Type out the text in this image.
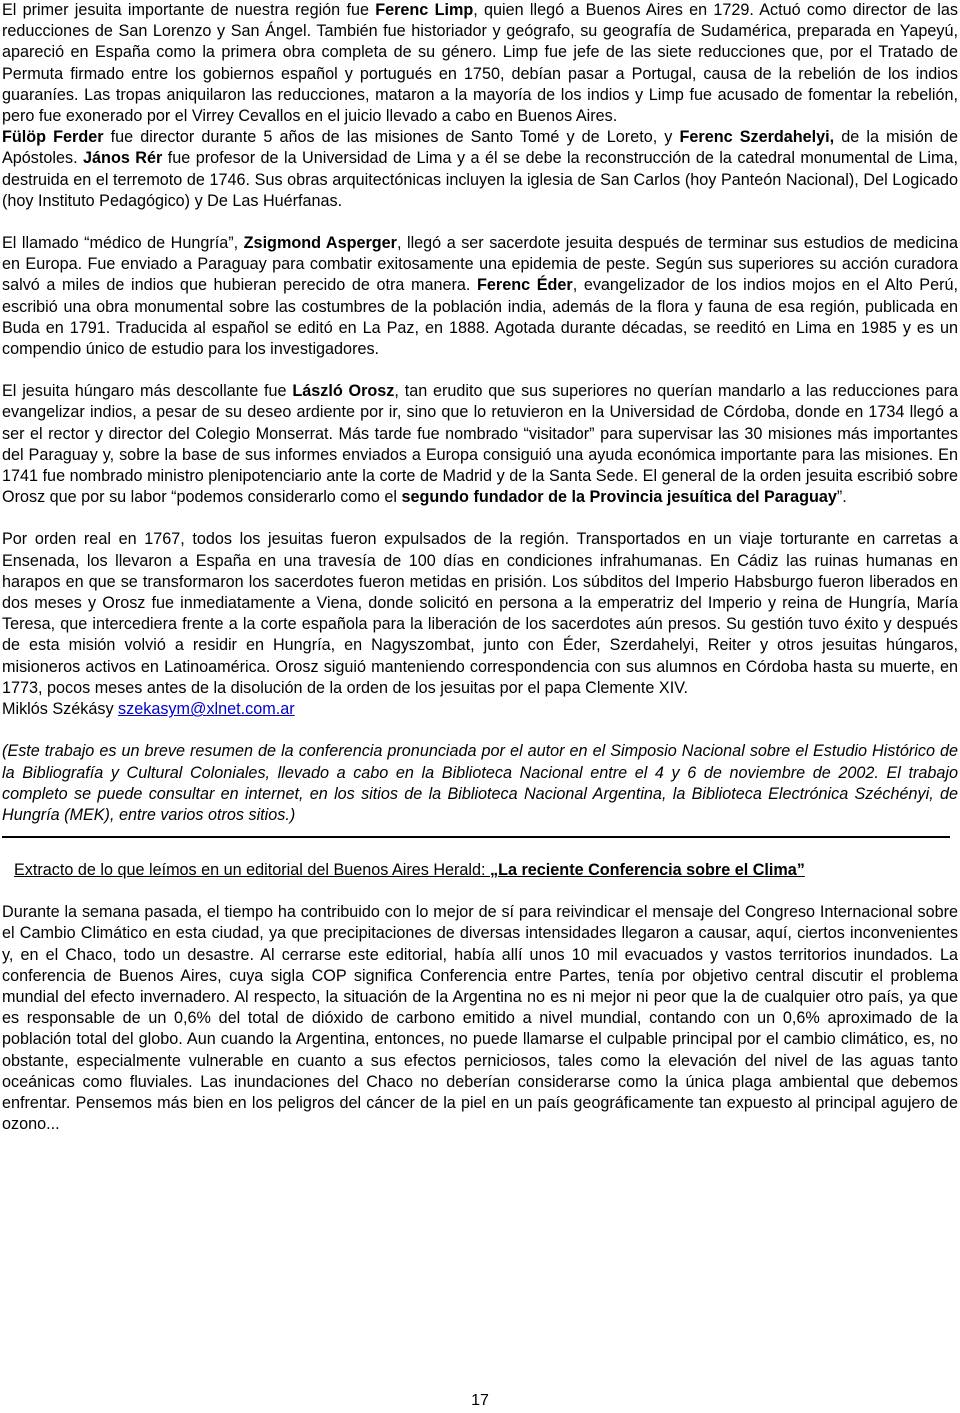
El primer jesuita importante de nuestra región fue Ferenc Limp, quien llegó a Buenos Aires en 1729. Actuó como director de las reducciones de San Lorenzo y San Ángel. También fue historiador y geógrafo, su geografía de Sudamérica, preparada en Yapeyú, apareció en España como la primera obra completa de su género. Limp fue jefe de las siete reducciones que, por el Tratado de Permuta firmado entre los gobiernos español y portugués en 1750, debían pasar a Portugal, causa de la rebelión de los indios guaraníes. Las tropas aniquilaron las reducciones, mataron a la mayoría de los indios y Limp fue acusado de fomentar la rebelión, pero fue exonerado por el Virrey Cevallos en el juicio llevado a cabo en Buenos Aires.

Fülöp Ferder fue director durante 5 años de las misiones de Santo Tomé y de Loreto, y Ferenc Szerdahelyi, de la misión de Apóstoles. János Rér fue profesor de la Universidad de Lima y a él se debe la reconstrucción de la catedral monumental de Lima, destruida en el terremoto de 1746. Sus obras arquitectónicas incluyen la iglesia de San Carlos (hoy Panteón Nacional), Del Logicado (hoy Instituto Pedagógico) y De Las Huérfanas.

El llamado “médico de Hungría”, Zsigmond Asperger, llegó a ser sacerdote jesuita después de terminar sus estudios de medicina en Europa. Fue enviado a Paraguay para combatir exitosamente una epidemia de peste. Según sus superiores su acción curadora salvó a miles de indios que hubieran perecido de otra manera. Ferenc Éder, evangelizador de los indios mojos en el Alto Perú, escribió una obra monumental sobre las costumbres de la población india, además de la flora y fauna de esa región, publicada en Buda en 1791. Traducida al español se editó en La Paz, en 1888. Agotada durante décadas, se reeditó en Lima en 1985 y es un compendio único de estudio para los investigadores.

El jesuita húngaro más descollante fue László Orosz, tan erudito que sus superiores no querían mandarlo a las reducciones para evangelizar indios, a pesar de su deseo ardiente por ir, sino que lo retuvieron en la Universidad de Córdoba, donde en 1734 llegó a ser el rector y director del Colegio Monserrat. Más tarde fue nombrado “visitador” para supervisar las 30 misiones más importantes del Paraguay y, sobre la base de sus informes enviados a Europa consiguió una ayuda económica importante para las misiones. En 1741 fue nombrado ministro plenipotenciario ante la corte de Madrid y de la Santa Sede. El general de la orden jesuita escribió sobre Orosz que por su labor “podemos considerarlo como el segundo fundador de la Provincia jesuítica del Paraguay”.

Por orden real en 1767, todos los jesuitas fueron expulsados de la región. Transportados en un viaje torturante en carretas a Ensenada, los llevaron a España en una travesía de 100 días en condiciones infrahumanas. En Cádiz las ruinas humanas en harapos en que se transformaron los sacerdotes fueron metidas en prisión. Los súbditos del Imperio Habsburgo fueron liberados en dos meses y Orosz fue inmediatamente a Viena, donde solicitó en persona a la emperatriz del Imperio y reina de Hungría, María Teresa, que intercediera frente a la corte española para la liberación de los sacerdotes aún presos. Su gestión tuvo éxito y después de esta misión volvió a residir en Hungría, en Nagyszombat, junto con Éder, Szerdahelyi, Reiter y otros jesuitas húngaros, misioneros activos en Latinoamérica. Orosz siguió manteniendo correspondencia con sus alumnos en Córdoba hasta su muerte, en 1773, pocos meses antes de la disolución de la orden de los jesuitas por el papa Clemente XIV.

Miklós Székásy szekasym@xlnet.com.ar

(Este trabajo es un breve resumen de la conferencia pronunciada por el autor en el Simposio Nacional sobre el Estudio Histórico de la Bibliografía y Cultural Coloniales, llevado a cabo en la Biblioteca Nacional entre el 4 y 6 de noviembre de 2002. El trabajo completo se puede consultar en internet, en los sitios de la Biblioteca Nacional Argentina, la Biblioteca Electrónica Széchényi, de Hungría (MEK), entre varios otros sitios.)

Extracto de lo que leímos en un editorial del Buenos Aires Herald: „La reciente Conferencia sobre el Clima”

Durante la semana pasada, el tiempo ha contribuido con lo mejor de sí para reivindicar el mensaje del Congreso Internacional sobre el Cambio Climático en esta ciudad, ya que precipitaciones de diversas intensidades llegaron a causar, aquí, ciertos inconvenientes y, en el Chaco, todo un desastre. Al cerrarse este editorial, había allí unos 10 mil evacuados y vastos territorios inundados. La conferencia de Buenos Aires, cuya sigla COP significa Conferencia entre Partes, tenía por objetivo central discutir el problema mundial del efecto invernadero. Al respecto, la situación de la Argentina no es ni mejor ni peor que la de cualquier otro país, ya que es responsable de un 0,6% del total de dióxido de carbono emitido a nivel mundial, contando con un 0,6% aproximado de la población total del globo. Aun cuando la Argentina, entonces, no puede llamarse el culpable principal por el cambio climático, es, no obstante, especialmente vulnerable en cuanto a sus efectos perniciosos, tales como la elevación del nivel de las aguas tanto oceánicas como fluviales. Las inundaciones del Chaco no deberían considerarse como la única plaga ambiental que debemos enfrentar. Pensemos más bien en los peligros del cáncer de la piel en un país geográficamente tan expuesto al principal agujero de ozono...

17
